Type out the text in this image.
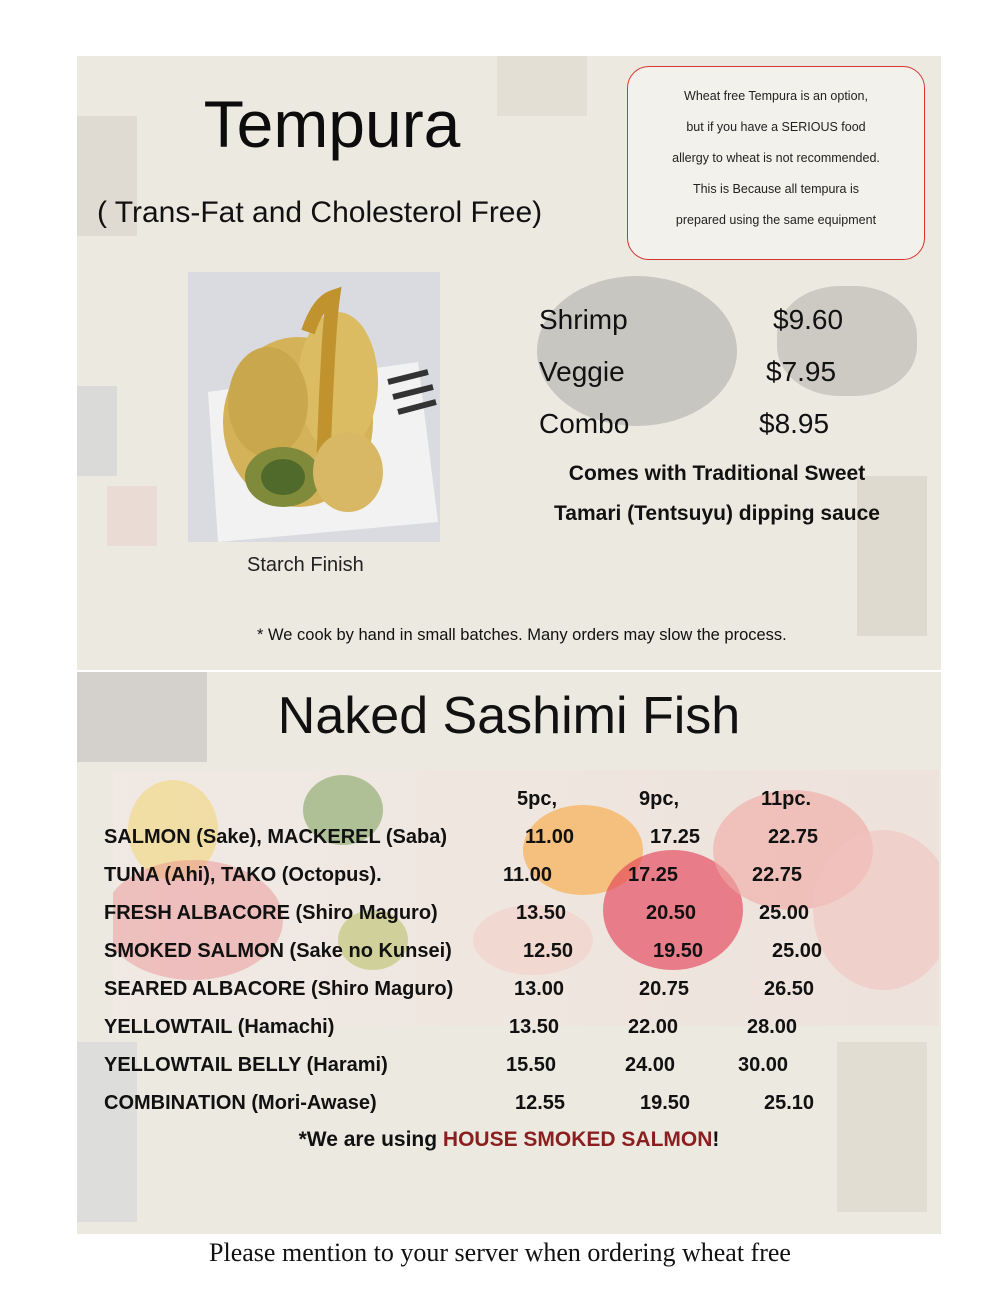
Tempura
( Trans-Fat and Cholesterol Free)
Wheat free Tempura is an option,
but if you have a SERIOUS food
allergy to wheat is not recommended.
This is Because all tempura is
prepared using the same equipment
Starch Finish
Shrimp	$9.60
Veggie	$7.95
Combo	$8.95
Comes with Traditional Sweet
Tamari (Tentsuyu) dipping sauce
* We cook by hand in small batches. Many orders may slow the process.
Naked Sashimi Fish
5pc,	9pc,	11pc.
SALMON (Sake), MACKEREL (Saba)	11.00	17.25	22.75
TUNA (Ahi), TAKO (Octopus).	11.00	17.25	22.75
FRESH ALBACORE (Shiro Maguro)	13.50	20.50	25.00
SMOKED SALMON (Sake no Kunsei)	12.50	19.50	25.00
SEARED ALBACORE (Shiro Maguro)	13.00	20.75	26.50
YELLOWTAIL (Hamachi)	13.50	22.00	28.00
YELLOWTAIL BELLY (Harami)	15.50	24.00	30.00
COMBINATION (Mori-Awase)	12.55	19.50	25.10
*We are using HOUSE SMOKED SALMON!
Please mention to your server when ordering wheat free
